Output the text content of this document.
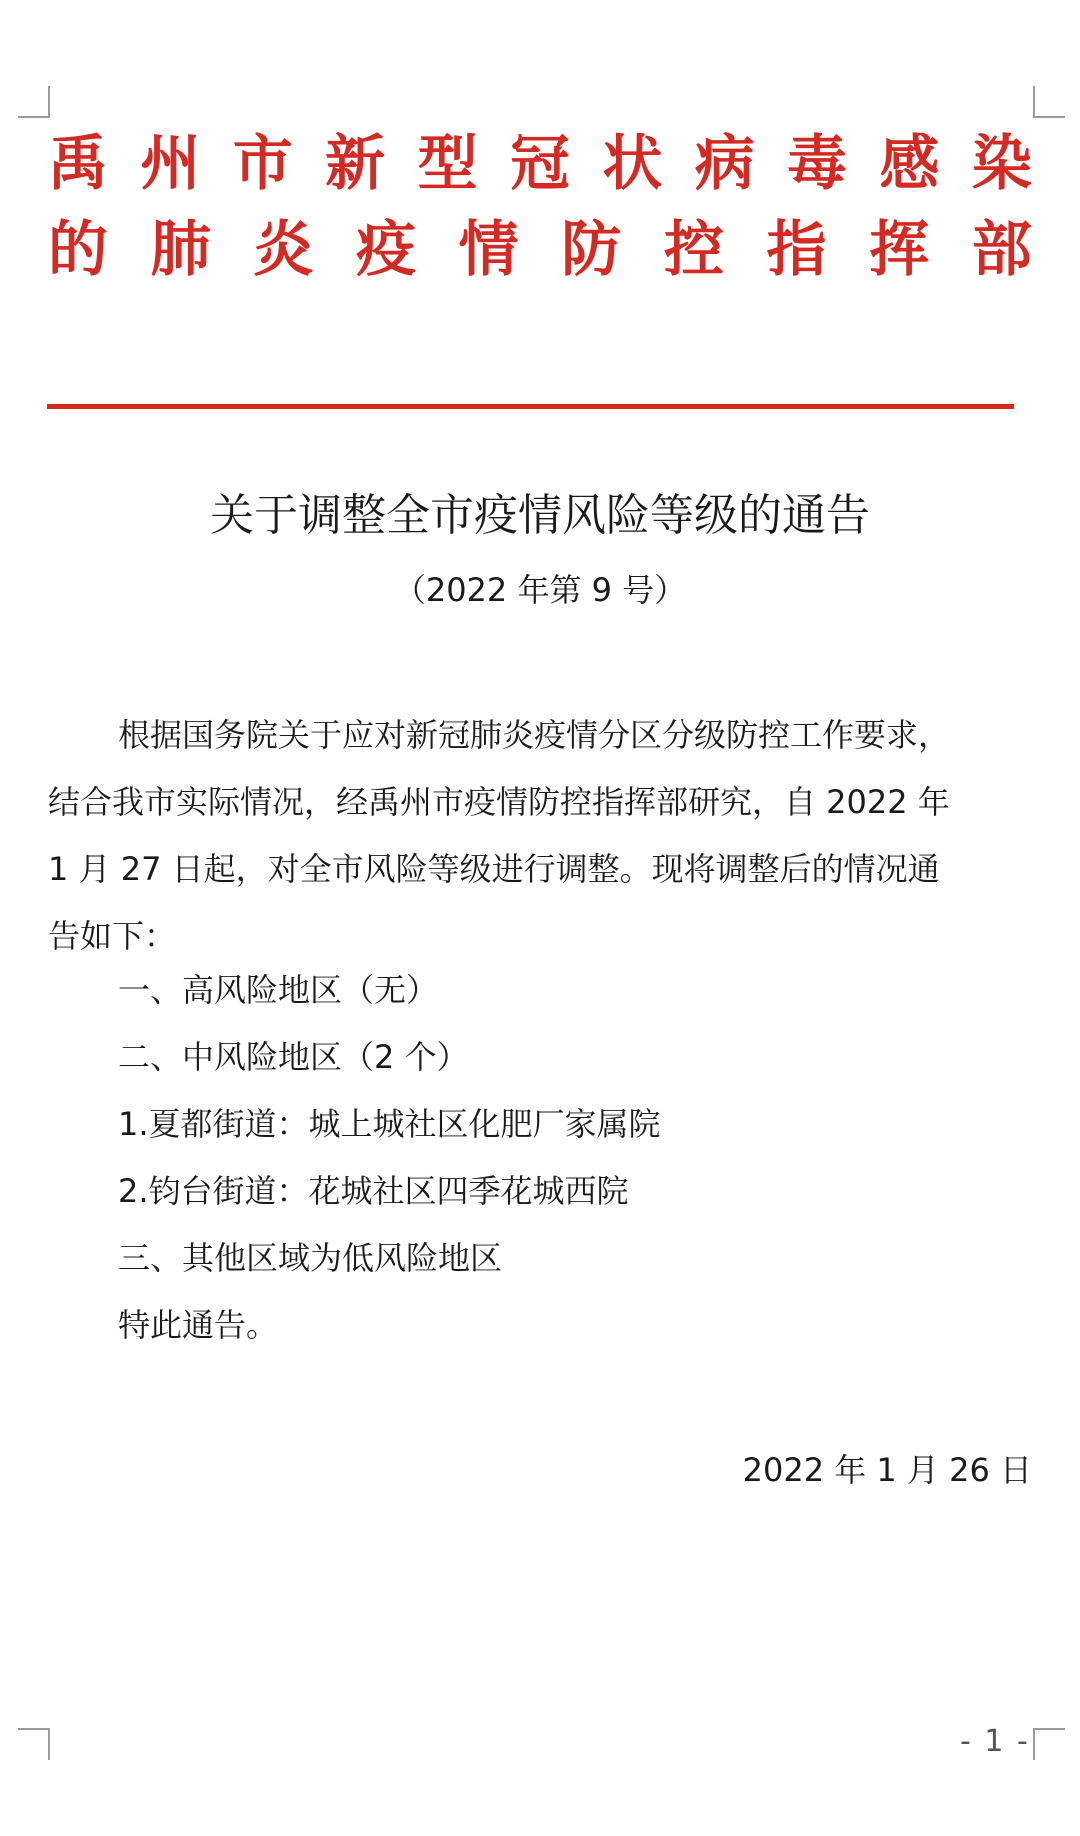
禹 州 市 新 型 冠 状 病 毒 感 染
的 肺 炎 疫 情 防 控 指 挥 部
关于调整全市疫情风险等级的通告
（2022 年第 9 号）
根据国务院关于应对新冠肺炎疫情分区分级防控工作要求，
结合我市实际情况，经禹州市疫情防控指挥部研究，自 2022 年
1 月 27 日起，对全市风险等级进行调整。现将调整后的情况通
告如下：
一、高风险地区（无）
二、中风险地区（2 个）
1.夏都街道：城上城社区化肥厂家属院
2.钧台街道：花城社区四季花城西院
三、其他区域为低风险地区
特此通告。
2022 年 1 月 26 日
- 1 -
